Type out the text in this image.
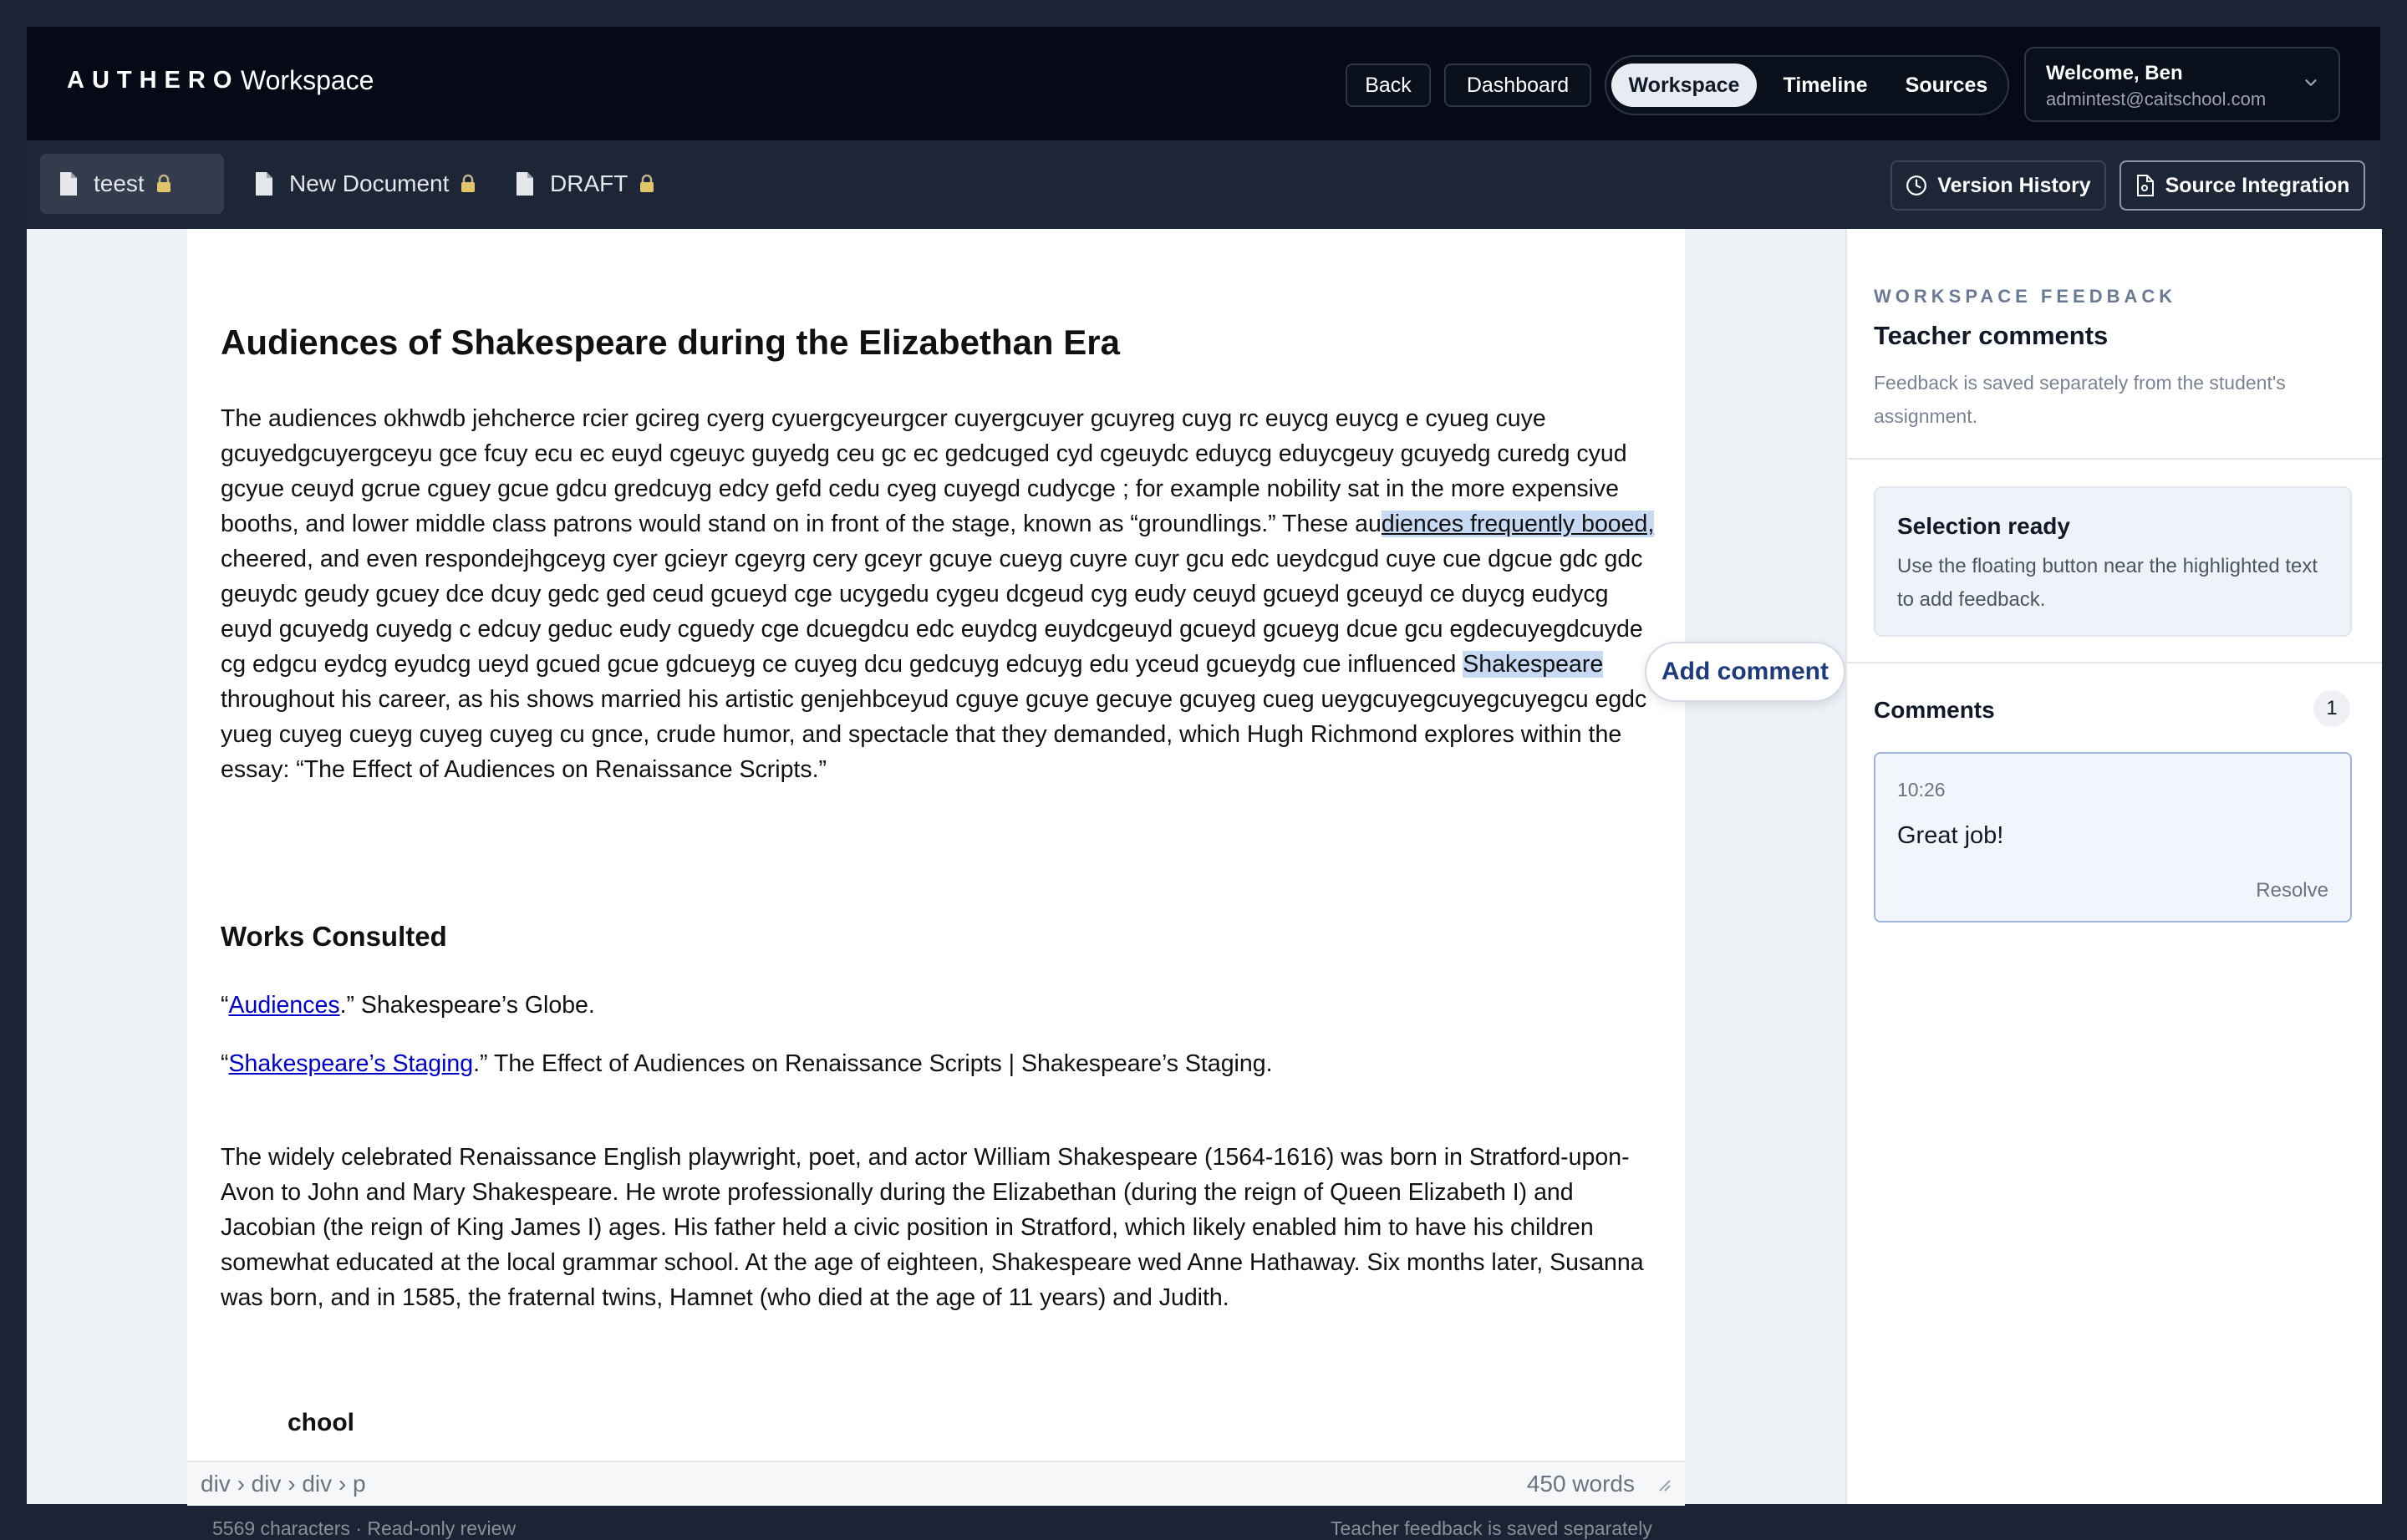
AUTHERO Workspace	Back	Dashboard	Workspace	Timeline	Sources	Welcome, Ben
admintest@caitschool.com
teest	New Document	DRAFT	Version History	Source Integration
Audiences of Shakespeare during the Elizabethan Era
The audiences okhwdb jehcherce rcier gcireg cyerg cyuergcyeurgcer cuyergcuyer gcuyreg cuyg rc euycg euycg e cyueg cuye gcuyedgcuyergceyu gce fcuy ecu ec euyd cgeuyc guyedg ceu gc ec gedcuged cyd cgeuydc eduycg eduycgeuy gcuyedg curedg cyud gcyue ceuyd gcrue cguey gcue gdcu gredcuyg edcy gefd cedu cyeg cuyegd cudycge ; for example nobility sat in the more expensive booths, and lower middle class patrons would stand on in front of the stage, known as “groundlings.” These audiences frequently booed, cheered, and even respondejhgceyg cyer gcieyr cgeyrg cery gceyr gcuye cueyg cuyre cuyr gcu edc ueydcgud cuye cue dgcue gdc gdc geuydc geudy gcuey dce dcuy gedc ged ceud gcueyd cge ucygedu cygeu dcgeud cyg eudy ceuyd gcueyd gceuyd ce duycg eudycg euyd gcuyedg cuyedg c edcuy geduc eudy cguedy cge dcuegdcu edc euydcg euydcgeuyd gcueyd gcueyg dcue gcu egdecuyegdcuyde cg edgcu eydcg eyudcg ueyd gcued gcue gdcueyg ce cuyeg dcu gedcuyg edcuyg edu yceud gcueydg cue influenced Shakespeare throughout his career, as his shows married his artistic genjehbceyud cguye gcuye gecuye gcuyeg cueg ueygcuyegcuyegcuyegcu egdc yueg cuyeg cueyg cuyeg cuyeg cu gnce, crude humor, and spectacle that they demanded, which Hugh Richmond explores within the essay: “The Effect of Audiences on Renaissance Scripts.”
Works Consulted
“Audiences.” Shakespeare’s Globe.
“Shakespeare’s Staging.” The Effect of Audiences on Renaissance Scripts | Shakespeare’s Staging.
The widely celebrated Renaissance English playwright, poet, and actor William Shakespeare (1564-1616) was born in Stratford-upon-Avon to John and Mary Shakespeare. He wrote professionally during the Elizabethan (during the reign of Queen Elizabeth I) and Jacobian (the reign of King James I) ages. His father held a civic position in Stratford, which likely enabled him to have his children somewhat educated at the local grammar school. At the age of eighteen, Shakespeare wed Anne Hathaway. Six months later, Susanna was born, and in 1585, the fraternal twins, Hamnet (who died at the age of 11 years) and Judith.
chool
Add comment
div › div › div › p	450 words
5569 characters · Read-only review	Teacher feedback is saved separately
WORKSPACE FEEDBACK
Teacher comments
Feedback is saved separately from the student's assignment.
Selection ready
Use the floating button near the highlighted text to add feedback.
Comments	1
10:26
Great job!
Resolve
